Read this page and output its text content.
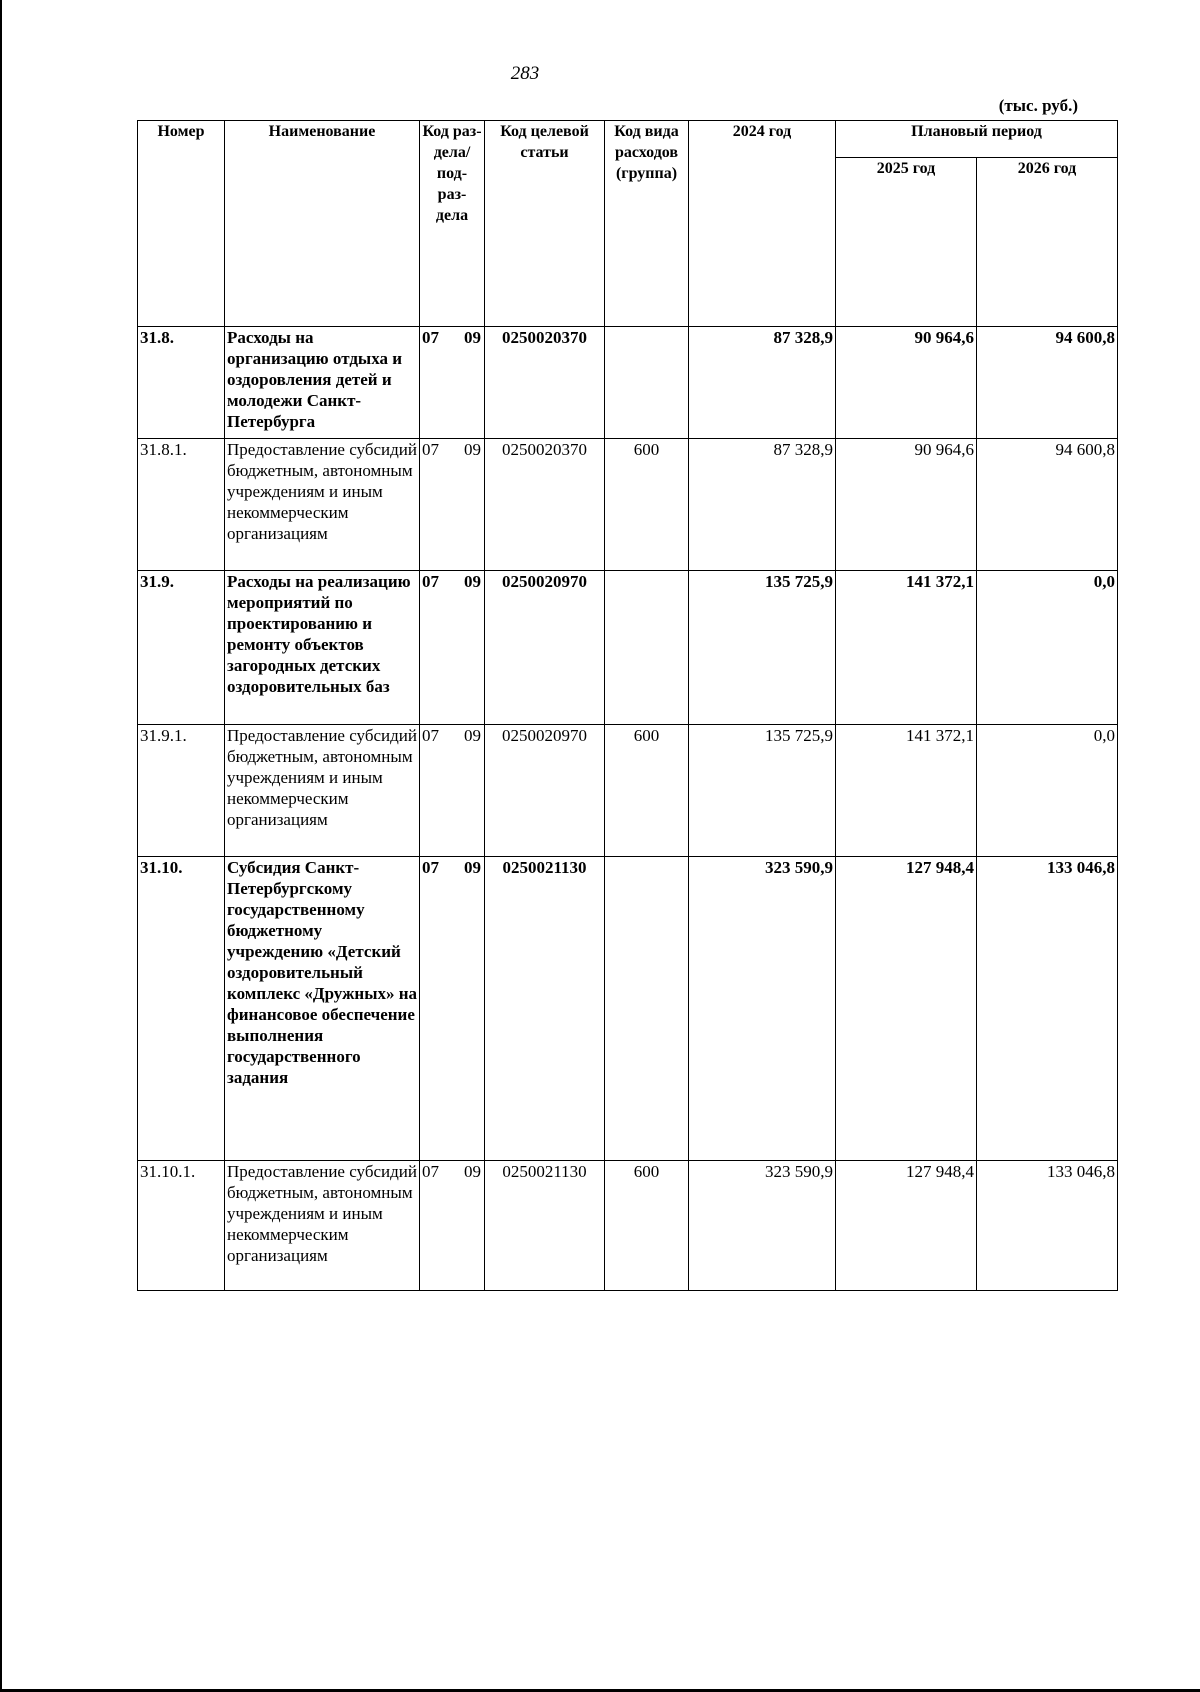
283
(тыс. руб.)
Номер	Наименование	Код раз- дела/ под- раз- дела	Код целевой статьи	Код вида расходов (группа)	2024 год	Плановый период	
						2025 год	2026 год
31.8.	Расходы на организацию отдыха и оздоровления детей и молодежи Санкт-Петербурга	07 09	0250020370		87 328,9	90 964,6	94 600,8
31.8.1.	Предоставление субсидий бюджетным, автономным учреждениям и иным некоммерческим организациям	07 09	0250020370	600	87 328,9	90 964,6	94 600,8
31.9.	Расходы на реализацию мероприятий по проектированию и ремонту объектов загородных детских оздоровительных баз	07 09	0250020970		135 725,9	141 372,1	0,0
31.9.1.	Предоставление субсидий бюджетным, автономным учреждениям и иным некоммерческим организациям	07 09	0250020970	600	135 725,9	141 372,1	0,0
31.10.	Субсидия Санкт-Петербургскому государственному бюджетному учреждению «Детский оздоровительный комплекс «Дружных» на финансовое обеспечение выполнения государственного задания	07 09	0250021130		323 590,9	127 948,4	133 046,8
31.10.1.	Предоставление субсидий бюджетным, автономным учреждениям и иным некоммерческим организациям	07 09	0250021130	600	323 590,9	127 948,4	133 046,8
